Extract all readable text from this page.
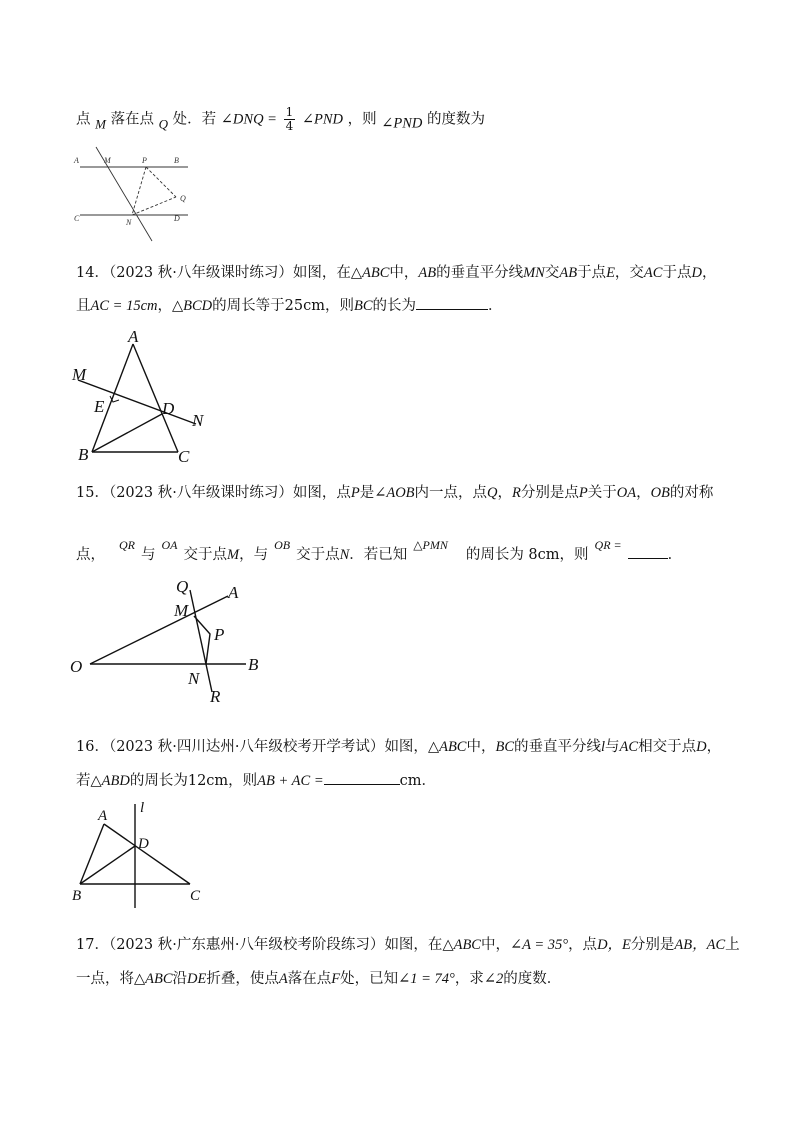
点 M 落在点 Q 处．若 ∠DNQ = $\frac{1}{4}$ ∠PND ，则 ∠PND 的度数为
A	M	P	B
Q
C	N	D
14．（2023 秋·八年级课时练习）如图，在△ABC中，AB的垂直平分线MN交AB于点E，交AC于点D，
且AC = 15cm，△BCD的周长等于25cm，则BC的长为	．
A
M
E	D
N
B	C
15．（2023 秋·八年级课时练习）如图，点P是∠AOB内一点，点Q，R分别是点P关于OA，OB的对称
点，$^{QR}$与$^{OA}$交于点M，与$^{OB}$交于点N．若已知$^{\triangle PMN}$的周长为 8cm，则$^{QR =}$．
Q A
M
P
O	B
N
R
16．（2023 秋·四川达州·八年级校考开学考试）如图，△ABC中，BC的垂直平分线l与AC相交于点D，
若△ABD的周长为12cm，则AB + AC =	cm．
l
A
D
B	C
17．（2023 秋·广东惠州·八年级校考阶段练习）如图，在△ABC中，∠A = 35°，点D，E分别是AB，AC上
一点，将△ABC沿DE折叠，使点A落在点F处，已知∠1 = 74°，求∠2的度数．
